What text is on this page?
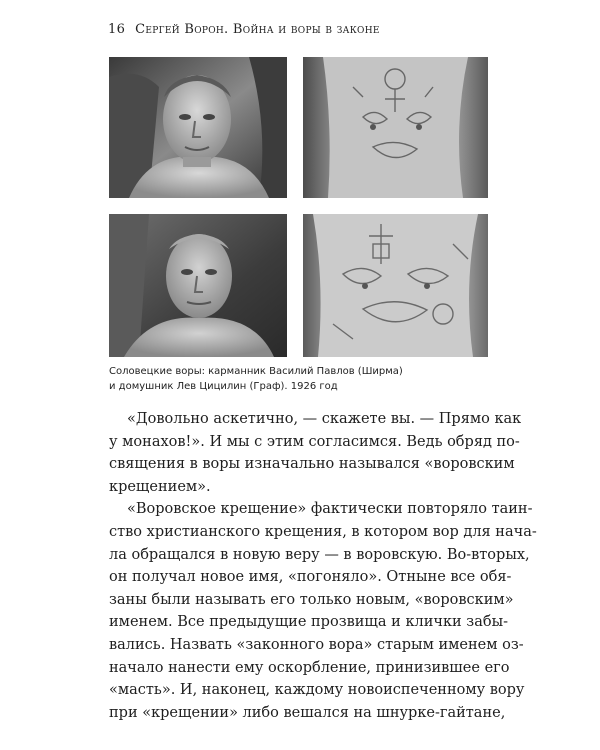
16 Сергей Ворон. Война и воры в законе
Соловецкие воры: карманник Василий Павлов (Ширма)
и домушник Лев Цицилин (Граф). 1926 год
«Довольно аскетично, — скажете вы. — Прямо как
у монахов!». И мы с этим согласимся. Ведь обряд по-
священия в воры изначально назывался «воровским
крещением».
«Воровское крещение» фактически повторяло таин-
ство христианского крещения, в котором вор для нача-
ла обращался в новую веру — в воровскую. Во-вторых,
он получал новое имя, «погоняло». Отныне все обя-
заны были называть его только новым, «воровским»
именем. Все предыдущие прозвища и клички забы-
вались. Назвать «законного вора» старым именем оз-
начало нанести ему оскорбление, принизившее его
«масть». И, наконец, каждому новоиспеченному вору
при «крещении» либо вешался на шнурке-гайтане,
